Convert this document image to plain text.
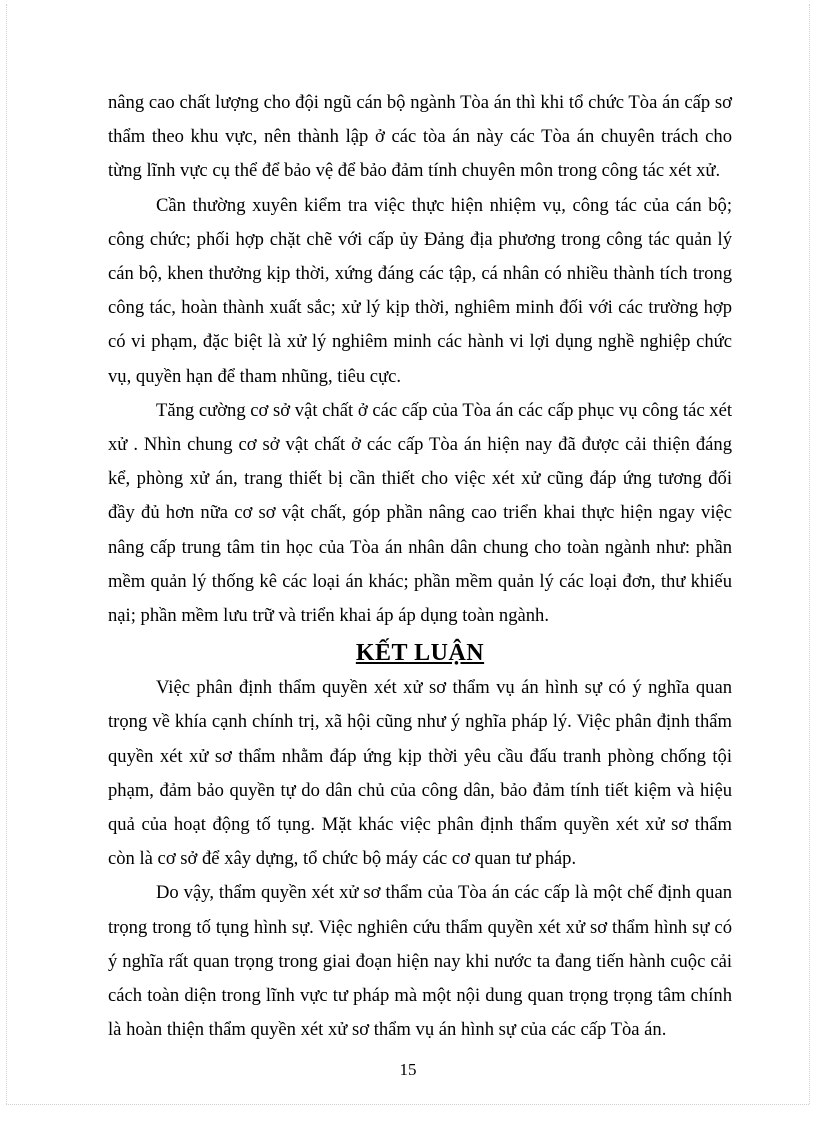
nâng cao chất lượng cho đội ngũ cán bộ ngành Tòa án thì khi tổ chức Tòa án cấp sơ thẩm theo khu vực, nên thành lập ở các tòa án này các Tòa án chuyên trách cho từng lĩnh vực cụ thể để bảo vệ để bảo đảm tính chuyên môn trong công tác xét xử.

Cần thường xuyên kiểm tra việc thực hiện nhiệm vụ, công tác của cán bộ; công chức; phối hợp chặt chẽ với cấp ủy Đảng địa phương trong công tác quản lý cán bộ, khen thưởng kịp thời, xứng đáng các tập, cá nhân có nhiều thành tích trong công tác, hoàn thành xuất sắc; xử lý kịp thời, nghiêm minh đối với các trường hợp có vi phạm, đặc biệt là xử lý nghiêm minh các hành vi lợi dụng nghề nghiệp chức vụ, quyền hạn để tham nhũng, tiêu cực.

Tăng cường cơ sở vật chất ở các cấp của Tòa án các cấp phục vụ công tác xét xử . Nhìn chung cơ sở vật chất ở các cấp Tòa án hiện nay đã được cải thiện đáng kể, phòng xử án, trang thiết bị cần thiết cho việc xét xử cũng đáp ứng tương đối đầy đủ hơn nữa cơ sơ vật chất, góp phần nâng cao triển khai thực hiện ngay việc nâng cấp trung tâm tin học của Tòa án nhân dân chung cho toàn ngành như: phần mềm quản lý thống kê các loại án khác; phần mềm quản lý các loại đơn, thư khiếu nại; phần mềm lưu trữ và triển khai áp áp dụng toàn ngành.

KẾT LUẬN

Việc phân định thẩm quyền xét xử sơ thẩm vụ án hình sự có ý nghĩa quan trọng về khía cạnh chính trị, xã hội cũng như ý nghĩa pháp lý. Việc phân định thẩm quyền xét xử sơ thẩm nhằm đáp ứng kịp thời yêu cầu đấu tranh phòng chống tội phạm, đảm bảo quyền tự do dân chủ của công dân, bảo đảm tính tiết kiệm và hiệu quả của hoạt động tố tụng. Mặt khác việc phân định thẩm quyền xét xử sơ thẩm còn là cơ sở để xây dựng, tổ chức bộ máy các cơ quan tư pháp.

Do vậy, thẩm quyền xét xử sơ thẩm của Tòa án các cấp là một chế định quan trọng trong tố tụng hình sự. Việc nghiên cứu thẩm quyền xét xử sơ thẩm hình sự có ý nghĩa rất quan trọng trong giai đoạn hiện nay khi nước ta đang tiến hành cuộc cải cách toàn diện trong lĩnh vực tư pháp mà một nội dung quan trọng trọng tâm chính là hoàn thiện thẩm quyền xét xử sơ thẩm vụ án hình sự của các cấp Tòa án.

15
